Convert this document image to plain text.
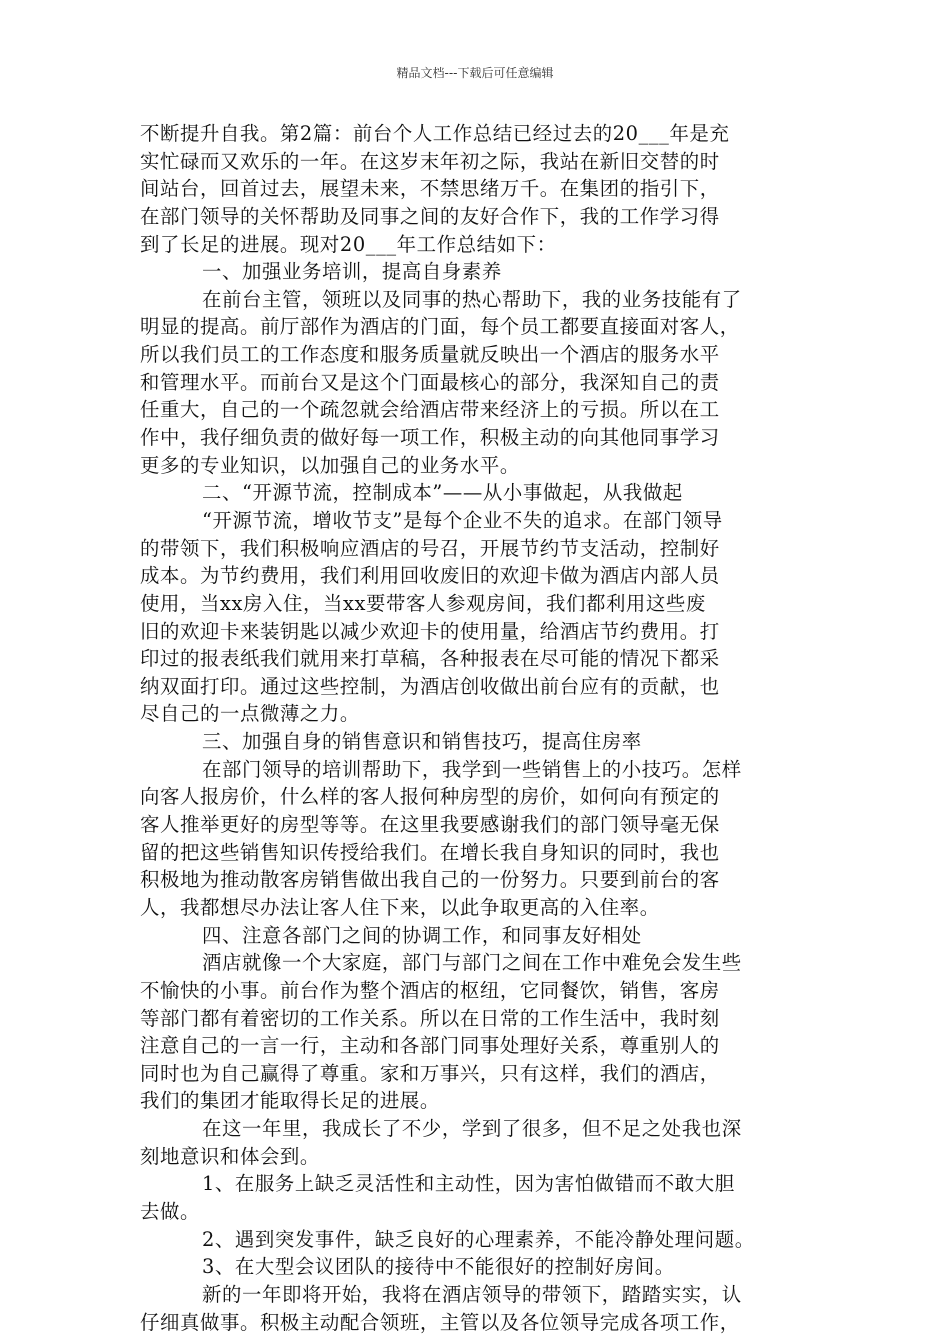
精品文档---下载后可任意编辑
不断提升自我。第2篇：前台个人工作总结已经过去的20___年是充
实忙碌而又欢乐的一年。在这岁末年初之际，我站在新旧交替的时
间站台，回首过去，展望未来，不禁思绪万千。在集团的指引下，
在部门领导的关怀帮助及同事之间的友好合作下，我的工作学习得
到了长足的进展。现对20___年工作总结如下：
一、加强业务培训，提高自身素养
在前台主管，领班以及同事的热心帮助下，我的业务技能有了
明显的提高。前厅部作为酒店的门面，每个员工都要直接面对客人，
所以我们员工的工作态度和服务质量就反映出一个酒店的服务水平
和管理水平。而前台又是这个门面最核心的部分，我深知自己的责
任重大，自己的一个疏忽就会给酒店带来经济上的亏损。所以在工
作中，我仔细负责的做好每一项工作，积极主动的向其他同事学习
更多的专业知识，以加强自己的业务水平。
二、“开源节流，控制成本”——从小事做起，从我做起
“开源节流，增收节支”是每个企业不失的追求。在部门领导
的带领下，我们积极响应酒店的号召，开展节约节支活动，控制好
成本。为节约费用，我们利用回收废旧的欢迎卡做为酒店内部人员
使用，当xx房入住，当xx要带客人参观房间，我们都利用这些废
旧的欢迎卡来装钥匙以减少欢迎卡的使用量，给酒店节约费用。打
印过的报表纸我们就用来打草稿，各种报表在尽可能的情况下都采
纳双面打印。通过这些控制，为酒店创收做出前台应有的贡献，也
尽自己的一点微薄之力。
三、加强自身的销售意识和销售技巧，提高住房率
在部门领导的培训帮助下，我学到一些销售上的小技巧。怎样
向客人报房价，什么样的客人报何种房型的房价，如何向有预定的
客人推举更好的房型等等。在这里我要感谢我们的部门领导毫无保
留的把这些销售知识传授给我们。在增长我自身知识的同时，我也
积极地为推动散客房销售做出我自己的一份努力。只要到前台的客
人，我都想尽办法让客人住下来，以此争取更高的入住率。
四、注意各部门之间的协调工作，和同事友好相处
酒店就像一个大家庭，部门与部门之间在工作中难免会发生些
不愉快的小事。前台作为整个酒店的枢纽，它同餐饮，销售，客房
等部门都有着密切的工作关系。所以在日常的工作生活中，我时刻
注意自己的一言一行，主动和各部门同事处理好关系，尊重别人的
同时也为自己赢得了尊重。家和万事兴，只有这样，我们的酒店，
我们的集团才能取得长足的进展。
在这一年里，我成长了不少，学到了很多，但不足之处我也深
刻地意识和体会到。
1、在服务上缺乏灵活性和主动性，因为害怕做错而不敢大胆
去做。
2、遇到突发事件，缺乏良好的心理素养，不能冷静处理问题。
3、在大型会议团队的接待中不能很好的控制好房间。
新的一年即将开始，我将在酒店领导的带领下，踏踏实实，认
仔细真做事。积极主动配合领班，主管以及各位领导完成各项工作，
